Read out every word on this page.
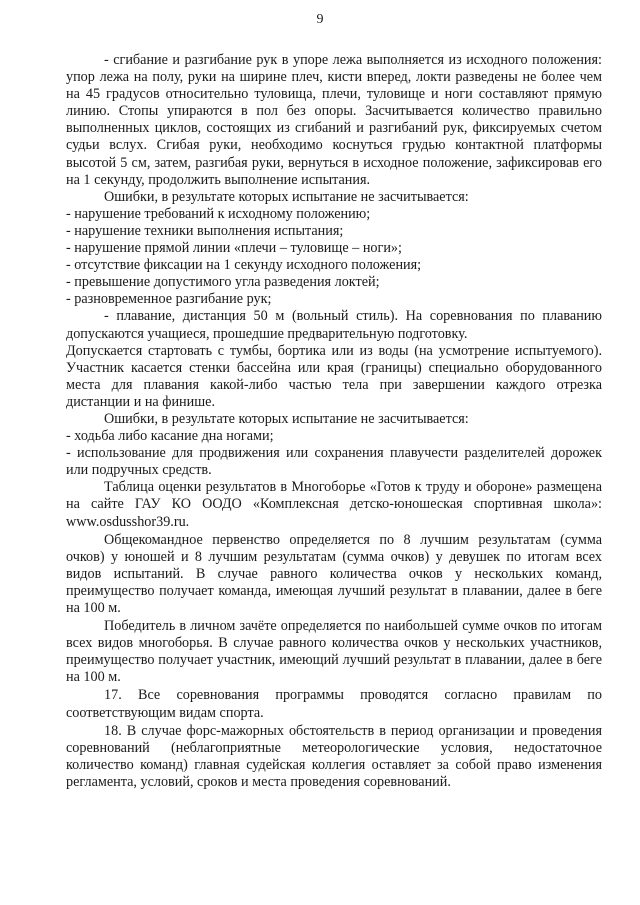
9

- сгибание и разгибание рук в упоре лежа выполняется из исходного положения: упор лежа на полу, руки на ширине плеч, кисти вперед, локти разведены не более чем на 45 градусов относительно туловища, плечи, туловище и ноги составляют прямую линию. Стопы упираются в пол без опоры. Засчитывается количество правильно выполненных циклов, состоящих из сгибаний и разгибаний рук, фиксируемых счетом судьи вслух. Сгибая руки, необходимо коснуться грудью контактной платформы высотой 5 см, затем, разгибая руки, вернуться в исходное положение, зафиксировав его на 1 секунду, продолжить выполнение испытания.

Ошибки, в результате которых испытание не засчитывается:

- нарушение требований к исходному положению;

- нарушение техники выполнения испытания;

- нарушение прямой линии «плечи – туловище – ноги»;

- отсутствие фиксации на 1 секунду исходного положения;

- превышение допустимого угла разведения локтей;

- разновременное разгибание рук;

- плавание, дистанция 50 м (вольный стиль). На соревнования по плаванию допускаются учащиеся, прошедшие предварительную подготовку.

Допускается стартовать с тумбы, бортика или из воды (на усмотрение испытуемого). Участник касается стенки бассейна или края (границы) специально оборудованного места для плавания какой-либо частью тела при завершении каждого отрезка дистанции и на финише.

Ошибки, в результате которых испытание не засчитывается:

- ходьба либо касание дна ногами;

- использование для продвижения или сохранения плавучести разделителей дорожек или подручных средств.

Таблица оценки результатов в Многоборье «Готов к труду и обороне» размещена на сайте ГАУ КО ООДО «Комплексная детско-юношеская спортивная школа»: www.osdusshor39.ru.

Общекомандное первенство определяется по 8 лучшим результатам (сумма очков) у юношей и 8 лучшим результатам (сумма очков) у девушек по итогам всех видов испытаний. В случае равного количества очков у нескольких команд, преимущество получает команда, имеющая лучший результат в плавании, далее в беге на 100 м.

Победитель в личном зачёте определяется по наибольшей сумме очков по итогам всех видов многоборья. В случае равного количества очков у нескольких участников, преимущество получает участник, имеющий лучший результат в плавании, далее в беге на 100 м.

17. Все соревнования программы проводятся согласно правилам по соответствующим видам спорта.

18. В случае форс-мажорных обстоятельств в период организации и проведения соревнований (неблагоприятные метеорологические условия, недостаточное количество команд) главная судейская коллегия оставляет за собой право изменения регламента, условий, сроков и места проведения соревнований.
